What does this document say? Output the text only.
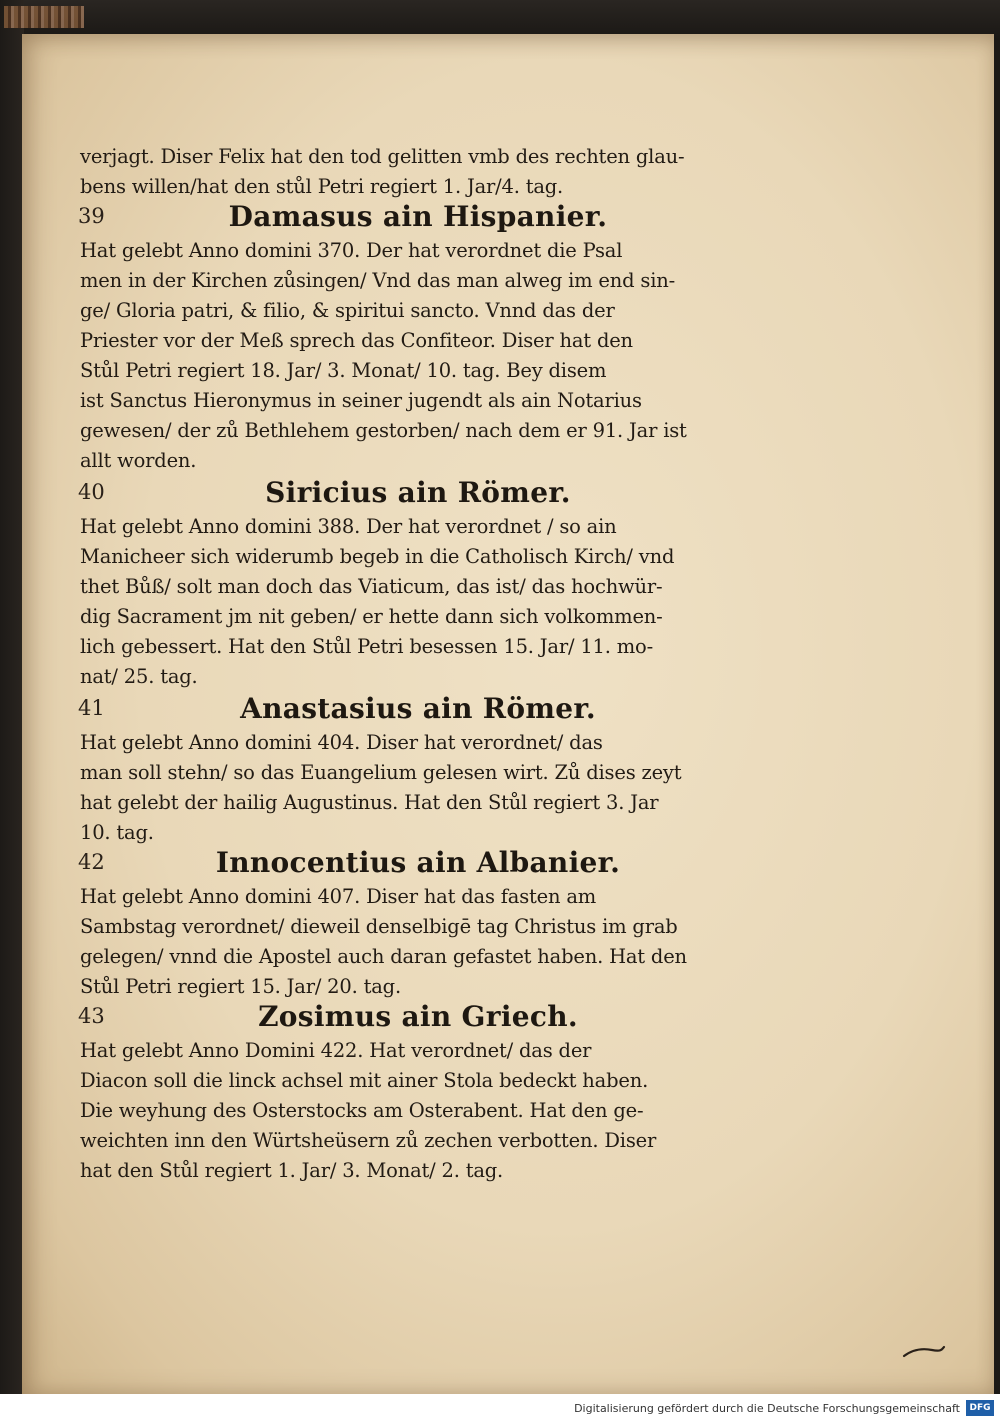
verjagt. Diser Felix hat den tod gelitten vmb des rechten glau-
bens willen/hat den stůl Petri regiert 1. Jar/4. tag.
39	Damasus ain Hispanier.
Hat gelebt Anno domini 370. Der hat verordnet die Psal
men in der Kirchen zůsingen/ Vnd das man alweg im end sin-
ge/ Gloria patri, & filio, & spiritui sancto. Vnnd das der
Priester vor der Meß sprech das Confiteor. Diser hat den
Stůl Petri regiert 18. Jar/ 3. Monat/ 10. tag. Bey disem
ist Sanctus Hieronymus in seiner jugendt als ain Notarius
gewesen/ der zů Bethlehem gestorben/ nach dem er 91. Jar ist
allt worden.
40	Siricius ain Römer.
Hat gelebt Anno domini 388. Der hat verordnet / so ain
Manicheer sich widerumb begeb in die Catholisch Kirch/ vnd
thet Bůß/ solt man doch das Viaticum, das ist/ das hochwür-
dig Sacrament jm nit geben/ er hette dann sich volkommen-
lich gebessert. Hat den Stůl Petri besessen 15. Jar/ 11. mo-
nat/ 25. tag.
41	Anastasius ain Römer.
Hat gelebt Anno domini 404. Diser hat verordnet/ das
man soll stehn/ so das Euangelium gelesen wirt. Zů dises zeyt
hat gelebt der hailig Augustinus. Hat den Stůl regiert 3. Jar
10. tag.
42	Innocentius ain Albanier.
Hat gelebt Anno domini 407. Diser hat das fasten am
Sambstag verordnet/ dieweil denselbigē tag Christus im grab
gelegen/ vnnd die Apostel auch daran gefastet haben. Hat den
Stůl Petri regiert 15. Jar/ 20. tag.
43	Zosimus ain Griech.
Hat gelebt Anno Domini 422. Hat verordnet/ das der
Diacon soll die linck achsel mit ainer Stola bedeckt haben.
Die weyhung des Osterstocks am Osterabent. Hat den ge-
weichten inn den Würtsheüsern zů zechen verbotten. Diser
hat den Stůl regiert 1. Jar/ 3. Monat/ 2. tag.
Digitalisierung gefördert durch die Deutsche Forschungsgemeinschaft	DFG
